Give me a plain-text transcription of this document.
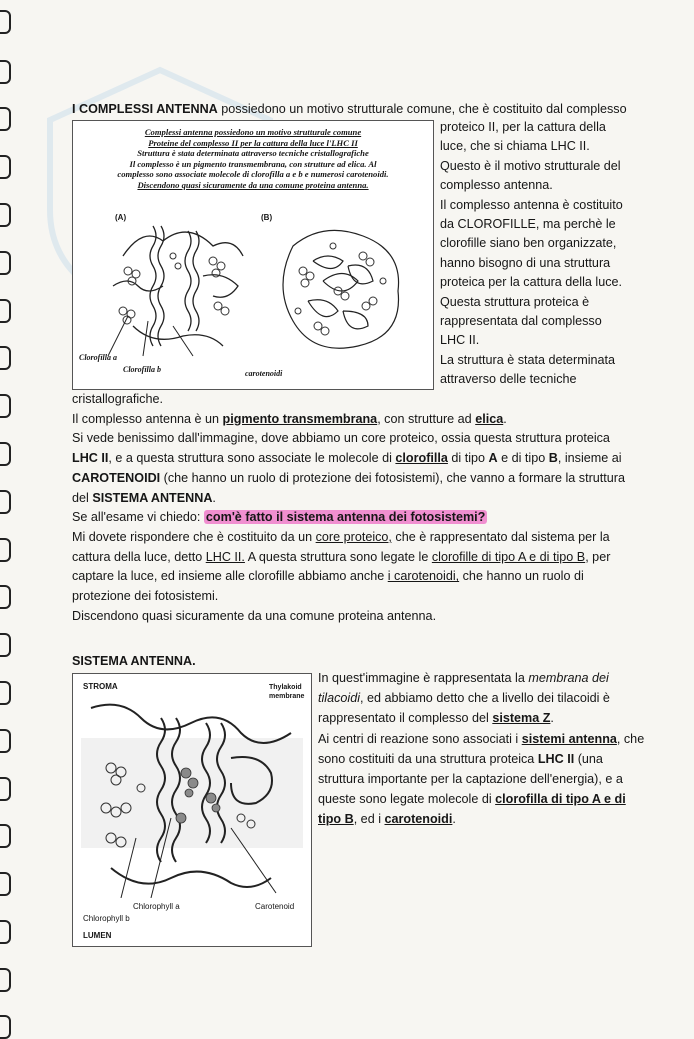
I COMPLESSI ANTENNA possiedono un motivo strutturale comune, che è costituito dal complesso
Complessi antenna possiedono un motivo strutturale comune
Proteine del complesso II per la cattura della luce l'LHC II
Struttura è stata determinata attraverso tecniche cristallografiche
Il complesso è un pigmento transmembrana, con strutture ad elica. Al
complesso sono associate molecole di clorofilla a e b e numerosi carotenoidi.
Discendono quasi sicuramente da una comune proteina antenna.
(A)	(B)
Clorofilla a
Clorofilla b	carotenoidi
proteico II, per la cattura della
luce, che si chiama LHC II.
Questo è il motivo strutturale del
complesso antenna.
Il complesso antenna è costituito
da CLOROFILLE, ma perchè le
clorofille siano ben organizzate,
hanno bisogno di una struttura
proteica per la cattura della luce.
Questa struttura proteica è
rappresentata dal complesso
LHC II.
La struttura è stata determinata
attraverso delle tecniche
cristallografiche.
Il complesso antenna è un pigmento transmembrana, con strutture ad elica.
Si vede benissimo dall'immagine, dove abbiamo un core proteico, ossia questa struttura proteica
LHC II, e a questa struttura sono associate le molecole di clorofilla di tipo A e di tipo B, insieme ai
CAROTENOIDI (che hanno un ruolo di protezione dei fotosistemi), che vanno a formare la struttura
del SISTEMA ANTENNA.
Se all'esame vi chiedo: com'è fatto il sistema antenna dei fotosistemi?
Mi dovete rispondere che è costituito da un core proteico, che è rappresentato dal sistema per la
cattura della luce, detto LHC II. A questa struttura sono legate le clorofille di tipo A e di tipo B, per
captare la luce, ed insieme alle clorofille abbiamo anche i carotenoidi, che hanno un ruolo di
protezione dei fotosistemi.
Discendono quasi sicuramente da una comune proteina antenna.
SISTEMA ANTENNA.
STROMA	Thylakoid
membrane
Chlorophyll a
Chlorophyll b
Carotenoid
LUMEN
In quest'immagine è rappresentata la membrana dei
tilacoidi, ed abbiamo detto che a livello dei tilacoidi è
rappresentato il complesso del sistema Z.
Ai centri di reazione sono associati i sistemi antenna, che
sono costituiti da una struttura proteica LHC II (una
struttura importante per la captazione dell'energia), e a
queste sono legate molecole di clorofilla di tipo A e di
tipo B, ed i carotenoidi.
